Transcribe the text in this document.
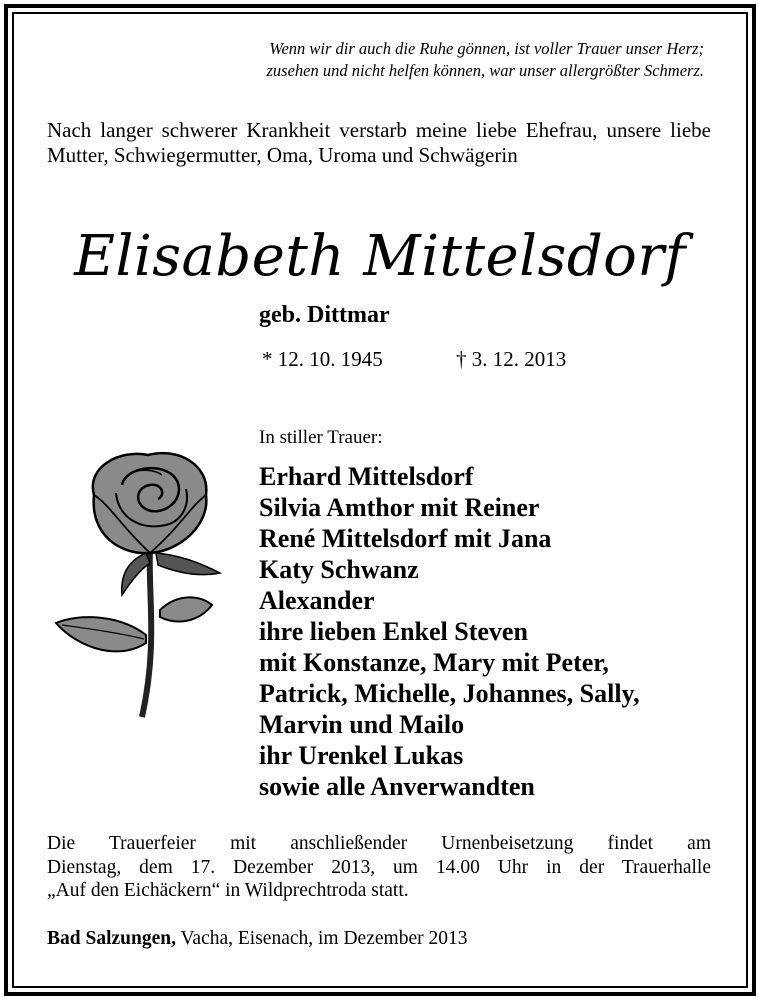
Wenn wir dir auch die Ruhe gönnen, ist voller Trauer unser Herz;
zusehen und nicht helfen können, war unser allergrößter Schmerz.
Nach langer schwerer Krankheit verstarb meine liebe Ehefrau, unsere liebe Mutter, Schwiegermutter, Oma, Uroma und Schwägerin
Elisabeth Mittelsdorf
geb. Dittmar
* 12. 10. 1945	† 3. 12. 2013
In stiller Trauer:
Erhard Mittelsdorf
Silvia Amthor mit Reiner
René Mittelsdorf mit Jana
Katy Schwanz
Alexander
ihre lieben Enkel Steven
mit Konstanze, Mary mit Peter,
Patrick, Michelle, Johannes, Sally,
Marvin und Mailo
ihr Urenkel Lukas
sowie alle Anverwandten
Die Trauerfeier mit anschließender Urnenbeisetzung findet am
Dienstag, dem 17. Dezember 2013, um 14.00 Uhr in der Trauerhalle
„Auf den Eichäckern“ in Wildprechtroda statt.
Bad Salzungen, Vacha, Eisenach, im Dezember 2013
